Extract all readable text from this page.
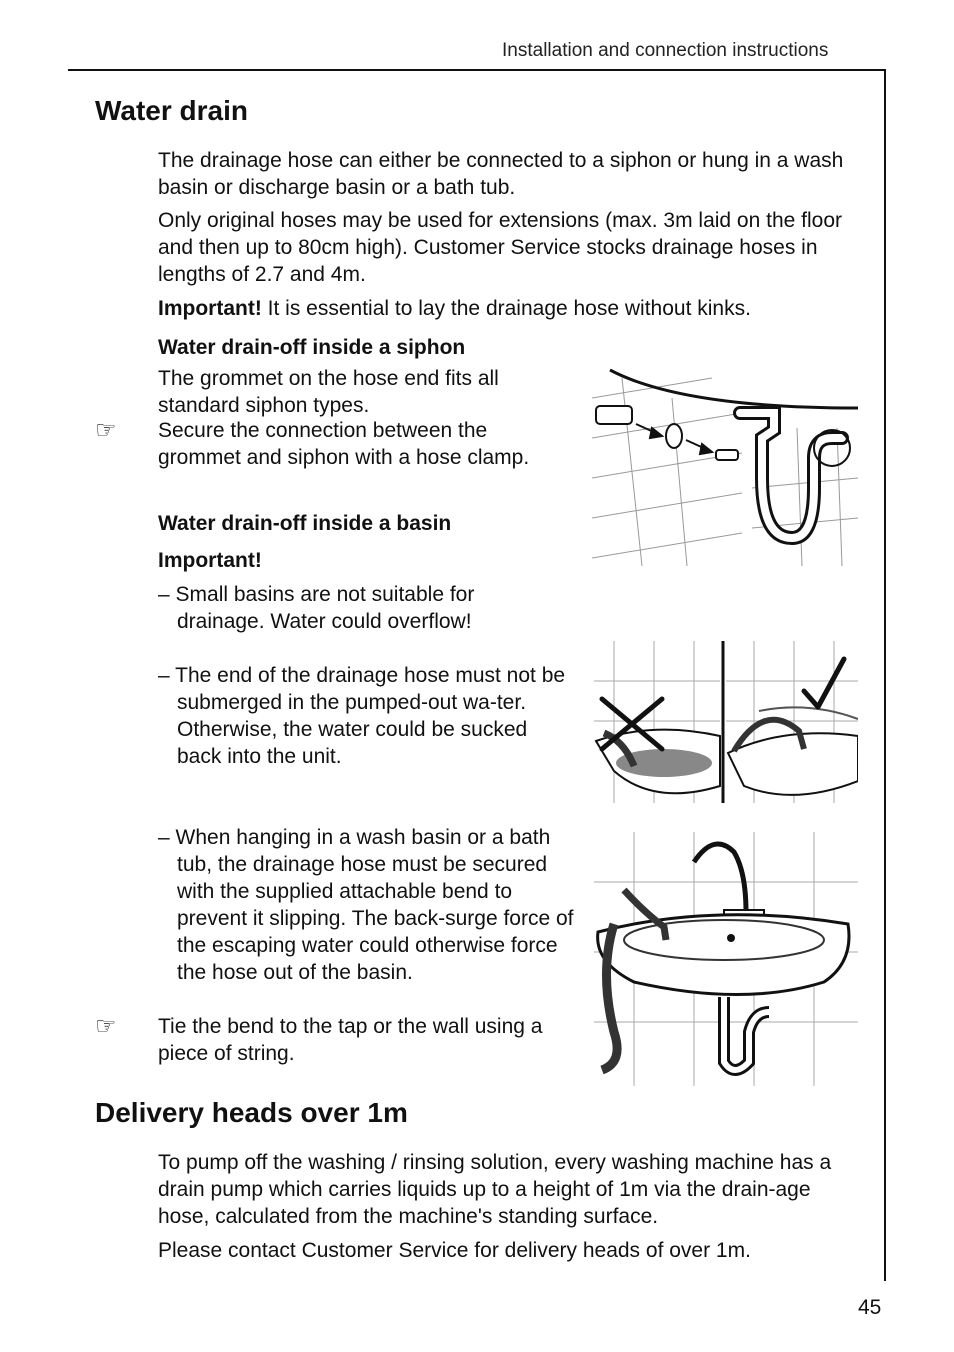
Installation and connection instructions
Water drain

The drainage hose can either be connected to a siphon or hung in a wash basin or discharge basin or a bath tub.

Only original hoses may be used for extensions (max. 3m laid on the floor and then up to 80cm high). Customer Service stocks drainage hoses in lengths of 2.7 and 4m.

Important! It is essential to lay the drainage hose without kinks.

Water drain-off inside a siphon

The grommet on the hose end fits all standard siphon types.

☞ Secure the connection between the grommet and siphon with a hose clamp.

Water drain-off inside a basin

Important!

– Small basins are not suitable for drainage. Water could overflow!

– The end of the drainage hose must not be submerged in the pumped-out wa-ter. Otherwise, the water could be sucked back into the unit.

– When hanging in a wash basin or a bath tub, the drainage hose must be secured with the supplied attachable bend to prevent it slipping. The back-surge force of the escaping water could otherwise force the hose out of the basin.

☞ Tie the bend to the tap or the wall using a piece of string.

Delivery heads over 1m

To pump off the washing / rinsing solution, every washing machine has a drain pump which carries liquids up to a height of 1m via the drain-age hose, calculated from the machine's standing surface.

Please contact Customer Service for delivery heads of over 1m.

45
